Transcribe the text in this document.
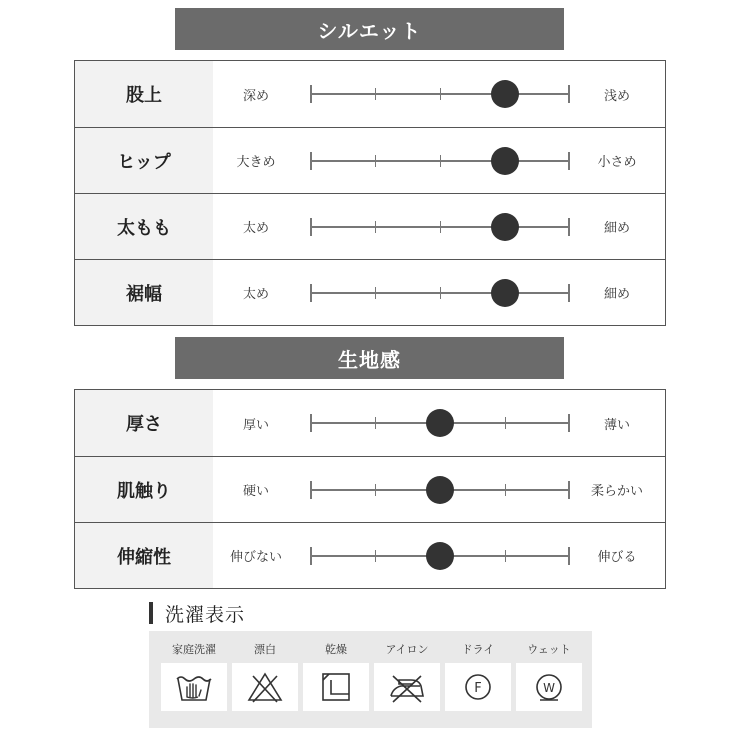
シルエット
股上	深め	浅め
ヒップ	大きめ	小さめ
太もも	太め	細め
裾幅	太め	細め
生地感
厚さ	厚い	薄い
肌触り	硬い	柔らかい
伸縮性	伸びない	伸びる
洗濯表示
家庭洗濯	漂白	乾燥	アイロン	ドライ
F
ウェット
W
